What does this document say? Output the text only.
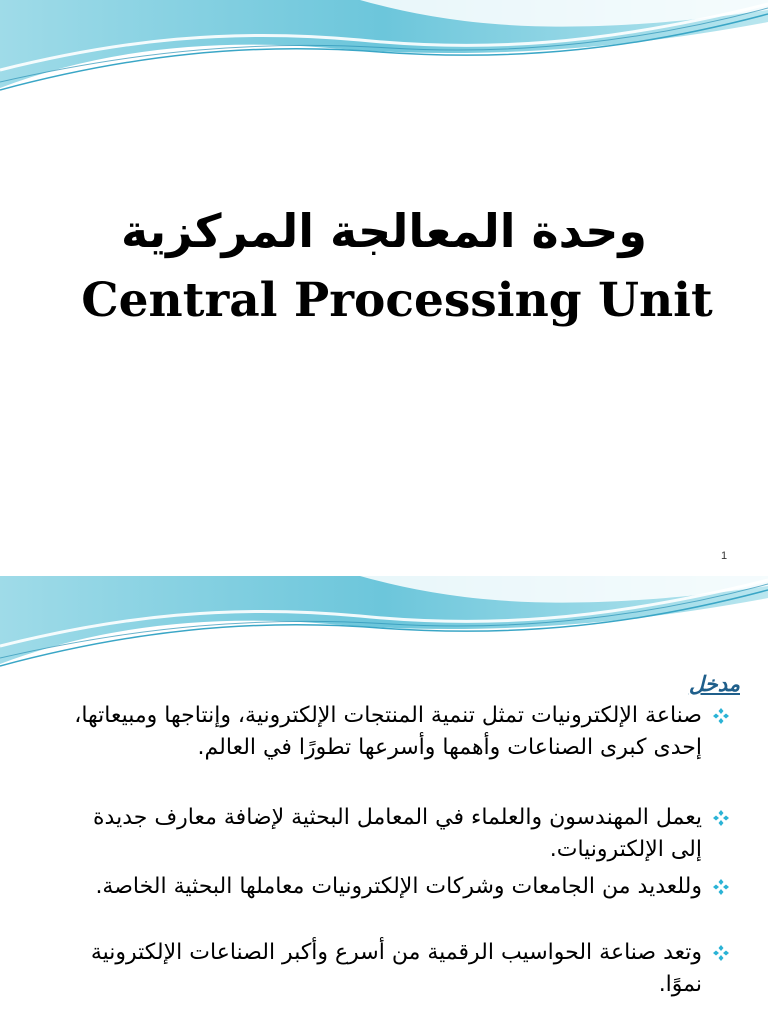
وحدة المعالجة المركزية
Central Processing Unit
1
مدخل
صناعة الإلكترونيات تمثل تنمية المنتجات الإلكترونية، وإنتاجها ومبيعاتها، إحدى كبرى الصناعات وأهمها وأسرعها تطورًا في العالم.
يعمل المهندسون والعلماء في المعامل البحثية لإضافة معارف جديدة إلى الإلكترونيات.
وللعديد من الجامعات وشركات الإلكترونيات معاملها البحثية الخاصة.
وتعد صناعة الحواسيب الرقمية من أسرع وأكبر الصناعات الإلكترونية نموًا.
